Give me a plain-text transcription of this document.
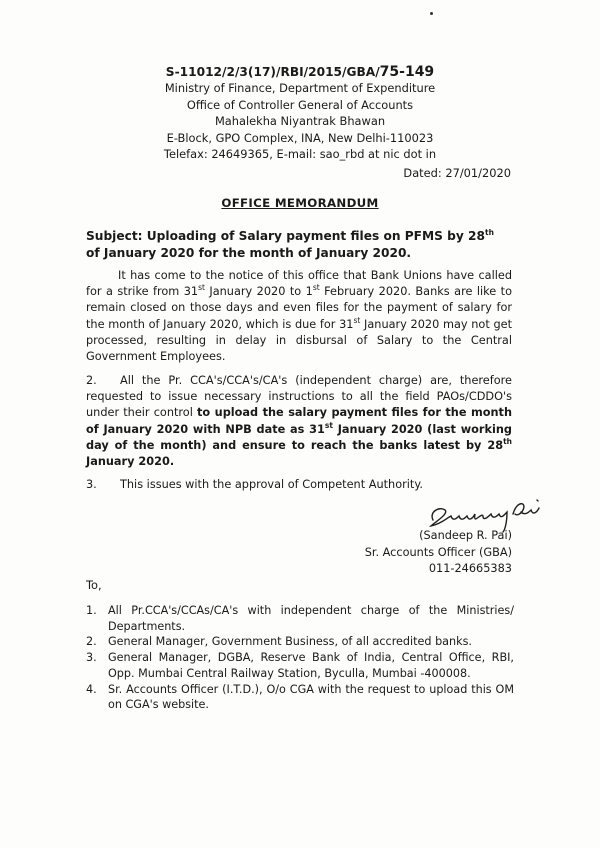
S-11012/2/3(17)/RBI/2015/GBA/75-149
Ministry of Finance, Department of Expenditure
Office of Controller General of Accounts
Mahalekha Niyantrak Bhawan
E-Block, GPO Complex, INA, New Delhi-110023
Telefax: 24649365, E-mail: sao_rbd at nic dot in
Dated: 27/01/2020
OFFICE MEMORANDUM
Subject: Uploading of Salary payment files on PFMS by 28th of January 2020 for the month of January 2020.

It has come to the notice of this office that Bank Unions have called for a strike from 31st January 2020 to 1st February 2020. Banks are like to remain closed on those days and even files for the payment of salary for the month of January 2020, which is due for 31st January 2020 may not get processed, resulting in delay in disbursal of Salary to the Central Government Employees.

2. All the Pr. CCA's/CCA's/CA's (independent charge) are, therefore requested to issue necessary instructions to all the field PAOs/CDDO's under their control to upload the salary payment files for the month of January 2020 with NPB date as 31st January 2020 (last working day of the month) and ensure to reach the banks latest by 28th January 2020.

3. This issues with the approval of Competent Authority.

(Sandeep R. Pai)
Sr. Accounts Officer (GBA)
011-24665383
To,
1. All Pr.CCA's/CCAs/CA's with independent charge of the Ministries/ Departments.
2. General Manager, Government Business, of all accredited banks.
3. General Manager, DGBA, Reserve Bank of India, Central Office, RBI, Opp. Mumbai Central Railway Station, Byculla, Mumbai -400008.
4. Sr. Accounts Officer (I.T.D.), O/o CGA with the request to upload this OM on CGA's website.
